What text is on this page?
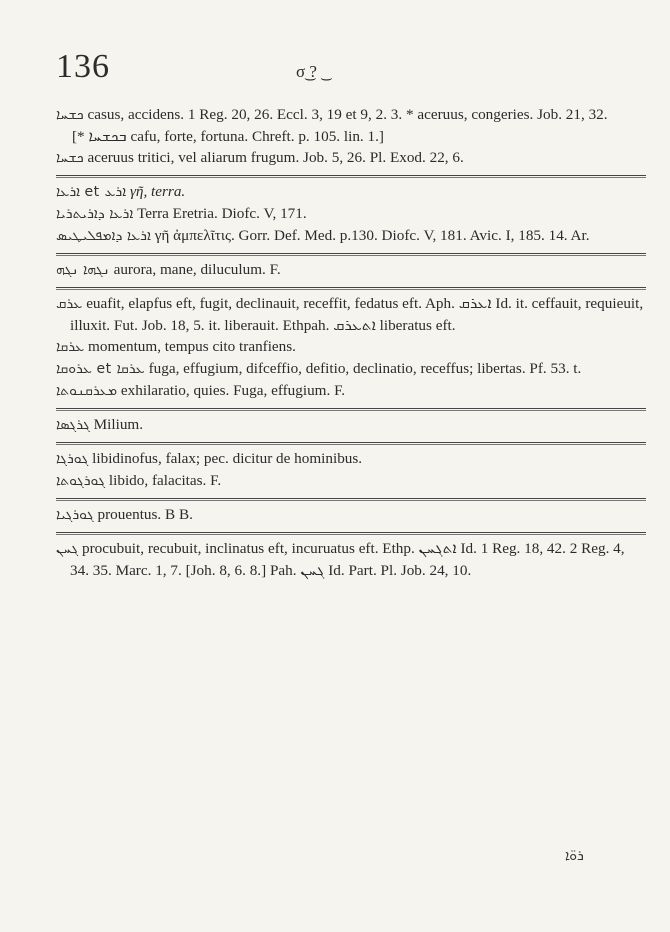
136	σ͜ ? ͜

ܟܫܚܐ casus, accidens. 1 Reg. 20, 26. Eccl. 3, 19 et 9, 2. 3. * aceruus, congeries. Job. 21, 32.

[* ܒܟܫܚܐ cafu, forte, fortuna. Chreft. p. 105. lin. 1.]

ܟܫܚܐ aceruus tritici, vel aliarum frugum. Job. 5, 26. Pl. Exod. 22, 6.

ܐܪܥܐ et ܐܪܥ γῆ, terra.

ܐܪܥܐ ܕܐܪܝܬܪܝܐ Terra Eretria. Diofc. V, 171.

ܐܪܥܐ ܕܐܡܦܠܝܛܝܣ γῆ ἀμπελῖτις. Gorr. Def. Med. p.130. Diofc. V, 181. Avic. I, 185. 14. Ar.

ܢܓܗܐ ܢܓܗ aurora, mane, diluculum. F.

ܥܪܩ euafit, elapfus eft, fugit, declinauit, receffit, fedatus eft. Aph. ܐܥܪܩ Id. it. ceffauit, requieuit, illuxit. Fut. Job. 18, 5. it. liberauit. Ethpah. ܐܬܥܪܩ liberatus eft.

ܥܪܩܐ momentum, tempus cito tranfiens.

ܥܪܘܩܐ et ܥܪܩܐ fuga, effugium, difceffio, defitio, declinatio, receffus; libertas. Pf. 53. t.

ܡܥܪܩܢܘܬܐ exhilaratio, quies. Fuga, effugium. F.

ܓܪܓܣܐ Milium.

ܓܘܪܓܐ libidinofus, falax; pec. dicitur de hominibus.

ܓܘܪܓܘܬܐ libido, falacitas. F.

ܓܘܪܓܝܐ prouentus. B B.

ܓܚܢ procubuit, recubuit, inclinatus eft, incuruatus eft. Ethp. ܐܬܓܚܢ Id. 1 Reg. 18, 42. 2 Reg. 4, 34. 35. Marc. 1, 7. [Joh. 8, 6. 8.] Pah. ܓܚܢ Id. Part. Pl. Job. 24, 10.

ܪܘ̈ܐ
